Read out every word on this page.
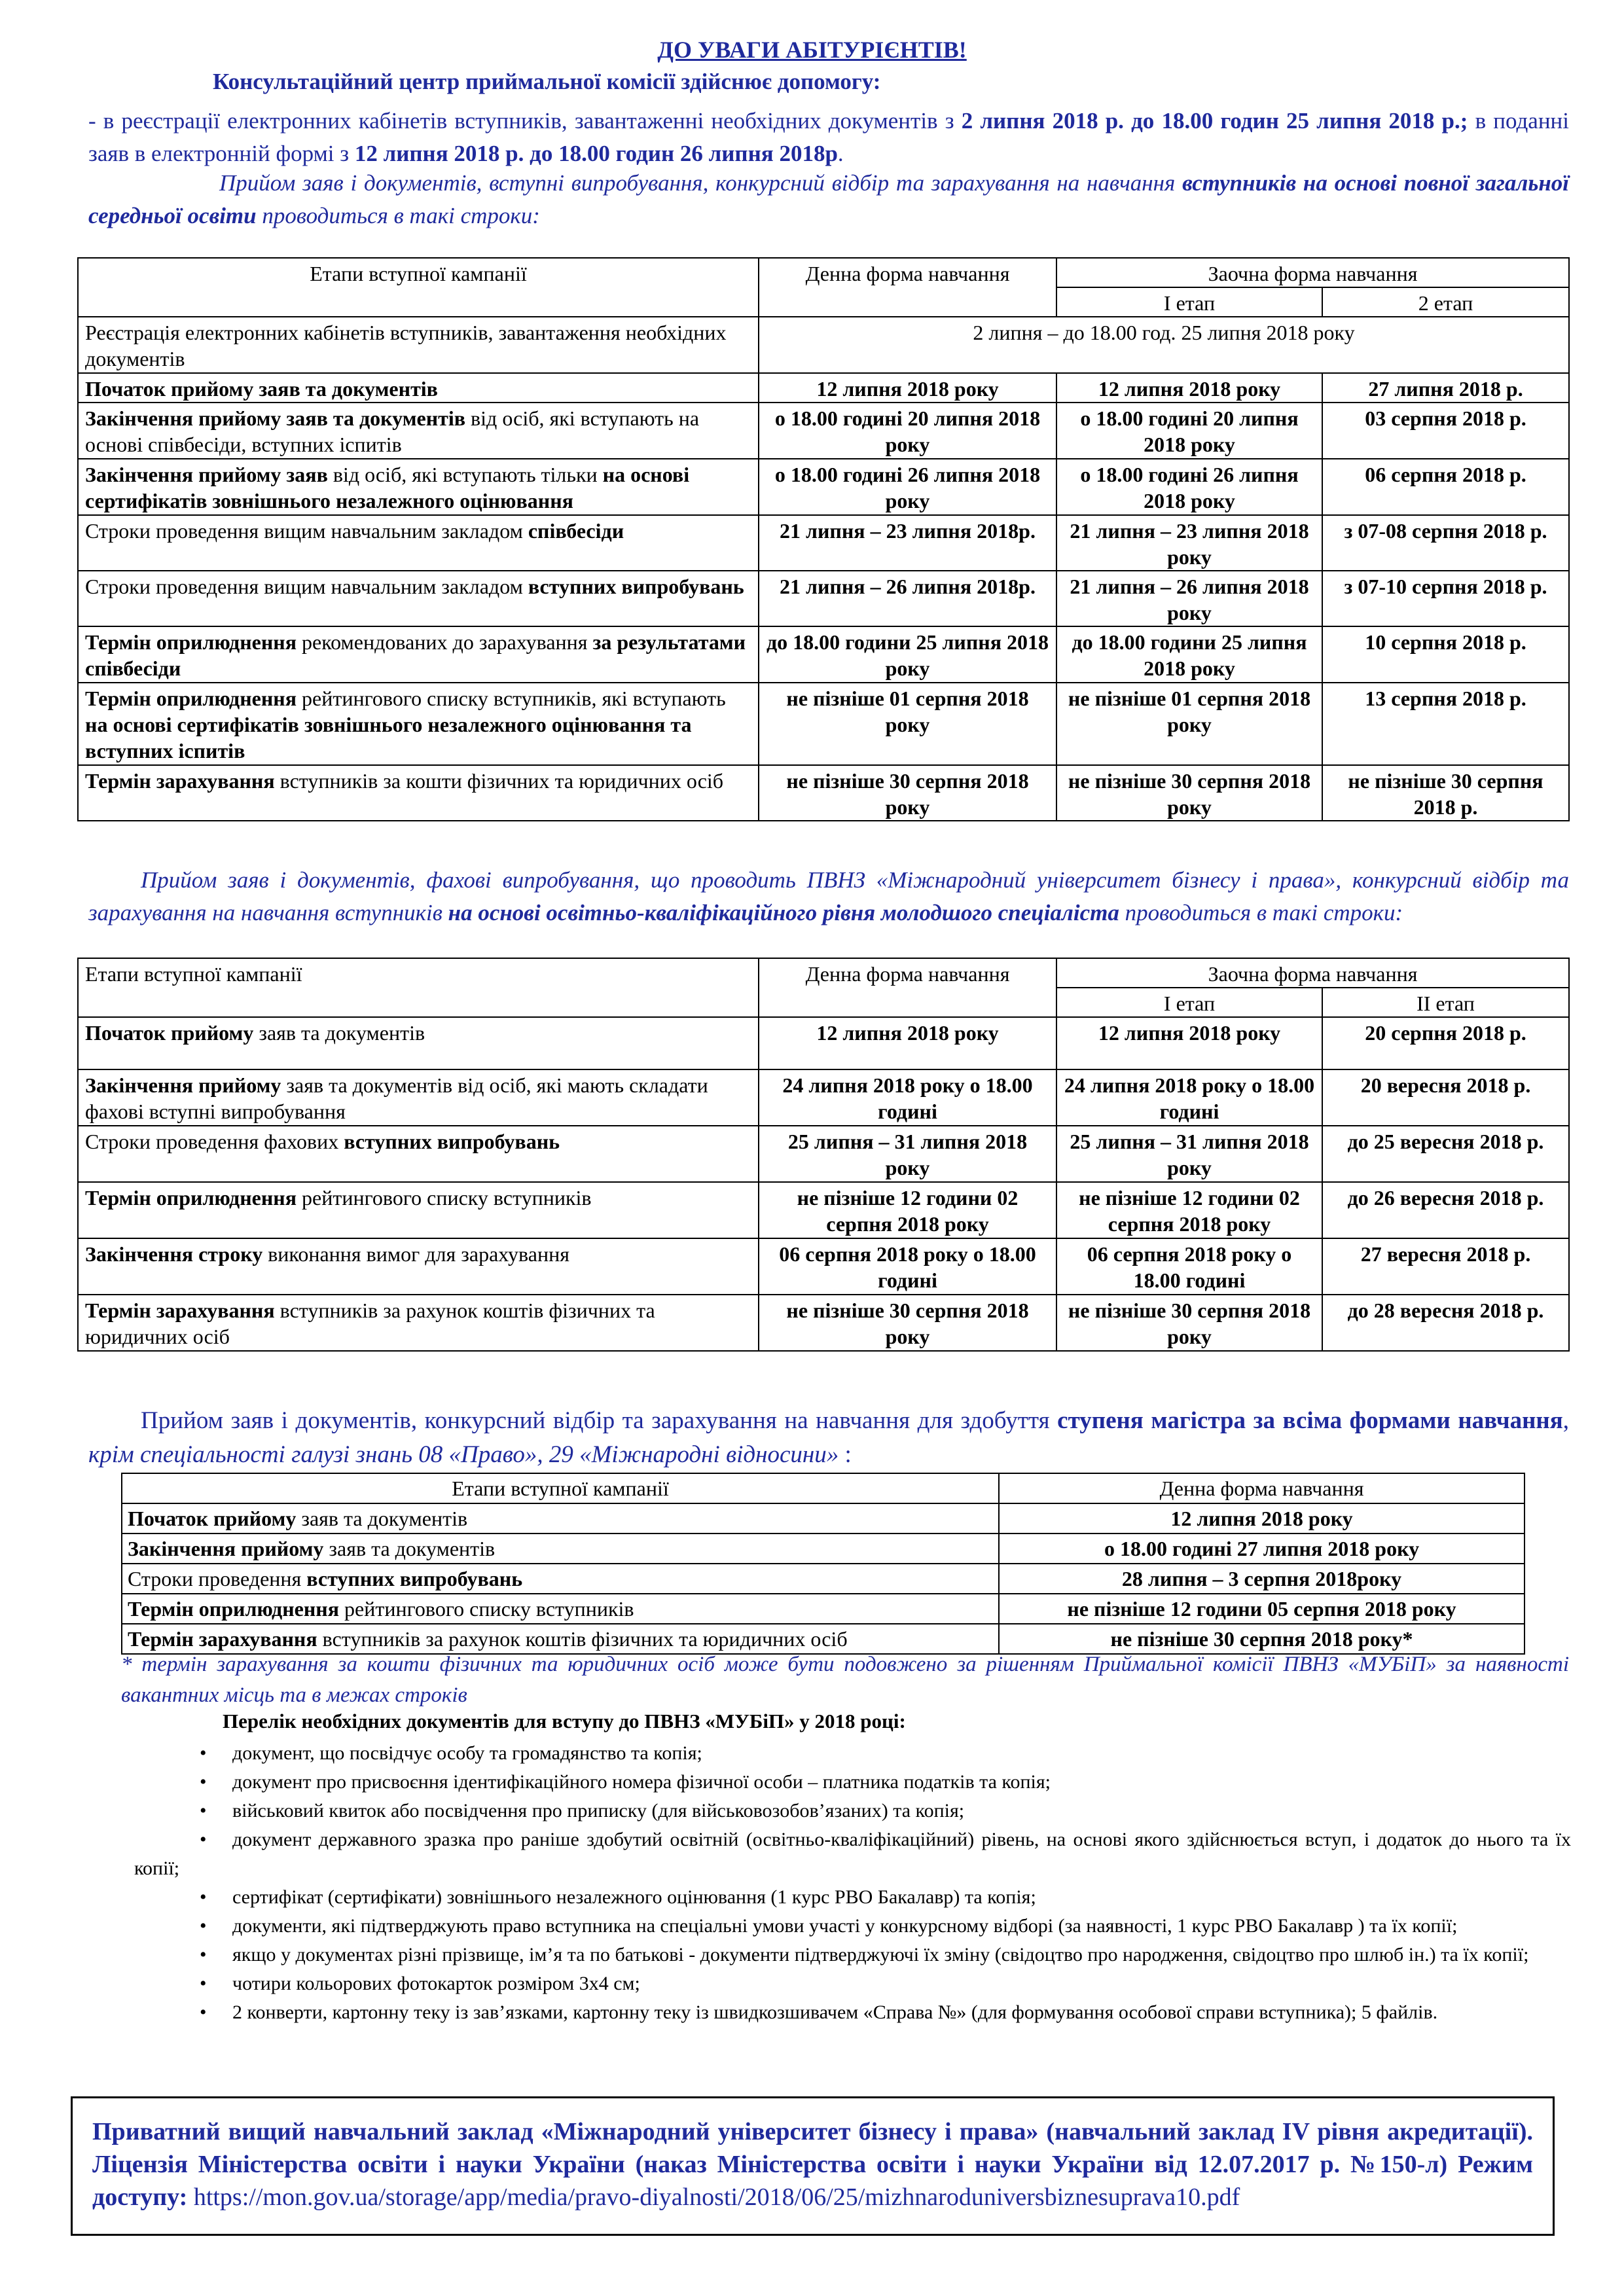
ДО УВАГИ АБІТУРІЄНТІВ!
Консультаційний центр приймальної комісії здійснює допомогу:
- в реєстрації електронних кабінетів вступників, завантаженні необхідних документів з 2 липня 2018 р. до 18.00 годин 25 липня 2018 р.; в поданні заяв в електронній формі з 12 липня 2018 р. до 18.00 годин 26 липня 2018р.
Прийом заяв і документів, вступні випробування, конкурсний відбір та зарахування на навчання вступників на основі повної загальної середньої освіти проводиться в такі строки:
Етапи вступної кампанії	Денна форма навчання	Заочна форма навчання	
		І етап	2 етап
Реєстрація електронних кабінетів вступників, завантаження необхідних документів	2 липня – до 18.00 год. 25 липня 2018 року		
Початок прийому заяв та документів	12 липня 2018 року	12 липня 2018 року	27 липня 2018 р.
Закінчення прийому заяв та документів від осіб, які вступають на основі співбесіди, вступних іспитів	о 18.00 годині 20 липня 2018 року	о 18.00 годині 20 липня 2018 року	03 серпня 2018 р.
Закінчення прийому заяв від осіб, які вступають тільки на основі сертифікатів зовнішнього незалежного оцінювання	о 18.00 годині 26 липня 2018 року	о 18.00 годині 26 липня 2018 року	06 серпня 2018 р.
Строки проведення вищим навчальним закладом співбесіди	21 липня – 23 липня 2018р.	21 липня – 23 липня 2018 року	з 07-08 серпня 2018 р.
Строки проведення вищим навчальним закладом вступних випробувань	21 липня – 26 липня 2018р.	21 липня – 26 липня 2018 року	з 07-10 серпня 2018 р.
Термін оприлюднення рекомендованих до зарахування за результатами співбесіди	до 18.00 години 25 липня 2018 року	до 18.00 години 25 липня 2018 року	10 серпня 2018 р.
Термін оприлюднення рейтингового списку вступників, які вступають на основі сертифікатів зовнішнього незалежного оцінювання та вступних іспитів	не пізніше 01 серпня 2018 року	не пізніше 01 серпня 2018 року	13 серпня 2018 р.
Термін зарахування вступників за кошти фізичних та юридичних осіб	не пізніше 30 серпня 2018 року	не пізніше 30 серпня 2018 року	не пізніше 30 серпня 2018 р.
Прийом заяв і документів, фахові випробування, що проводить ПВНЗ «Міжнародний університет бізнесу і права», конкурсний відбір та зарахування на навчання вступників на основі освітньо-кваліфікаційного рівня молодшого спеціаліста проводиться в такі строки:
Етапи вступної кампанії	Денна форма навчання	Заочна форма навчання	
		І етап	ІІ етап
Початок прийому заяв та документів	12 липня 2018 року	12 липня 2018 року	20 серпня 2018 р.
Закінчення прийому заяв та документів від осіб, які мають складати фахові вступні випробування	24 липня 2018 року о 18.00 годині	24 липня 2018 року о 18.00 годині	20 вересня 2018 р.
Строки проведення фахових вступних випробувань	25 липня – 31 липня 2018 року	25 липня – 31 липня 2018 року	до 25 вересня 2018 р.
Термін оприлюднення рейтингового списку вступників	не пізніше 12 години 02 серпня 2018 року	не пізніше 12 години 02 серпня 2018 року	до 26 вересня 2018 р.
Закінчення строку виконання вимог для зарахування	06 серпня 2018 року о 18.00 годині	06 серпня 2018 року о 18.00 годині	27 вересня 2018 р.
Термін зарахування вступників за рахунок коштів фізичних та юридичних осіб	не пізніше 30 серпня 2018 року	не пізніше 30 серпня 2018 року	до 28 вересня 2018 р.
Прийом заяв і документів, конкурсний відбір та зарахування на навчання для здобуття ступеня магістра за всіма формами навчання, крім спеціальності галузі знань 08 «Право», 29 «Міжнародні відносини» :
Етапи вступної кампанії	Денна форма навчання
Початок прийому заяв та документів	12 липня 2018 року
Закінчення прийому заяв та документів	о 18.00 годині 27 липня 2018 року
Строки проведення вступних випробувань	28 липня – 3 серпня 2018року
Термін оприлюднення рейтингового списку вступників	не пізніше 12 години 05 серпня 2018 року
Термін зарахування вступників за рахунок коштів фізичних та юридичних осіб	не пізніше 30 серпня 2018 року*
* термін зарахування за кошти фізичних та юридичних осіб може бути подовжено за рішенням Приймальної комісії ПВНЗ «МУБіП» за наявності вакантних місць та в межах строків
Перелік необхідних документів для вступу до ПВНЗ «МУБіП» у 2018 році:
• документ, що посвідчує особу та громадянство та копія;
• документ про присвоєння ідентифікаційного номера фізичної особи – платника податків та копія;
• військовий квиток або посвідчення про приписку (для військовозобов’язаних) та копія;
• документ державного зразка про раніше здобутий освітній (освітньо-кваліфікаційний) рівень, на основі якого здійснюється вступ, і додаток до нього та їх копії;
• сертифікат (сертифікати) зовнішнього незалежного оцінювання (1 курс РВО Бакалавр) та копія;
• документи, які підтверджують право вступника на спеціальні умови участі у конкурсному відборі (за наявності, 1 курс РВО Бакалавр ) та їх копії;
• якщо у документах різні прізвище, ім’я та по батькові - документи підтверджуючі їх зміну (свідоцтво про народження, свідоцтво про шлюб ін.) та їх копії;
• чотири кольорових фотокарток розміром 3х4 см;
• 2 конверти, картонну теку із зав’язками, картонну теку із швидкозшивачем «Справа №» (для формування особової справи вступника); 5 файлів.
Приватний вищий навчальний заклад «Міжнародний університет бізнесу і права» (навчальний заклад IV рівня акредитації). Ліцензія Міністерства освіти і науки України (наказ Міністерства освіти і науки України від 12.07.2017 р. №150-л) Режим доступу: https://mon.gov.ua/storage/app/media/pravo-diyalnosti/2018/06/25/mizhnaroduniversbiznesuprava10.pdf
